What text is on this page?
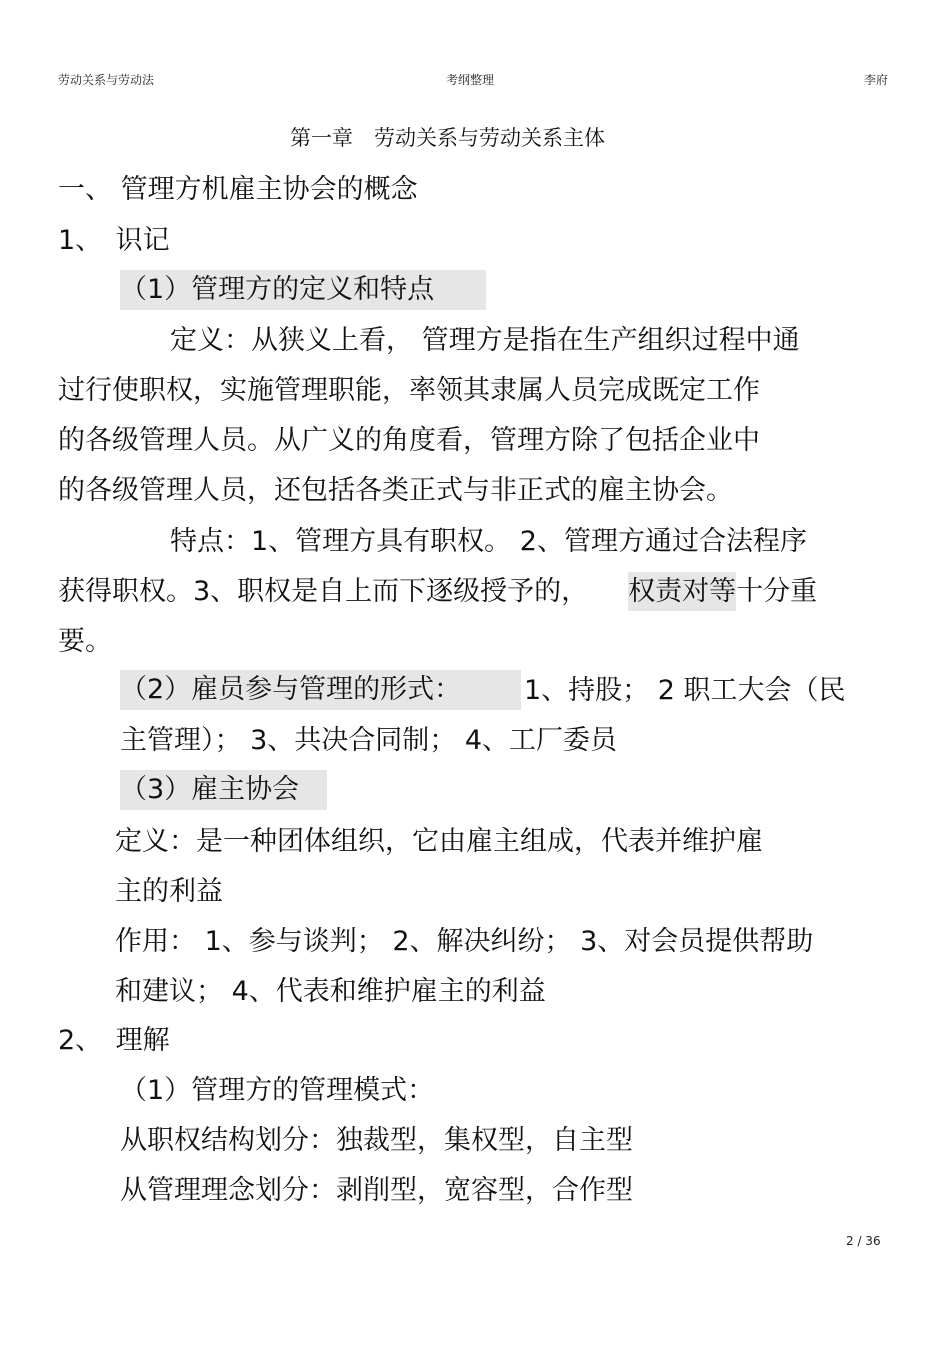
劳动关系与劳动法	考纲整理	李府
第一章　劳动关系与劳动关系主体
一、 管理方机雇主协会的概念
1、　识记
（1）管理方的定义和特点
定义：从狭义上看， 管理方是指在生产组织过程中通
过行使职权，实施管理职能，率领其隶属人员完成既定工作
的各级管理人员。从广义的角度看，管理方除了包括企业中
的各级管理人员，还包括各类正式与非正式的雇主协会。
特点：1、管理方具有职权。 2、管理方通过合法程序
获得职权。3、职权是自上而下逐级授予的， 权责对等十分重
要。
（2）雇员参与管理的形式：	1、持股； 2 职工大会（民
主管理）； 3、共决合同制； 4、工厂委员
（3）雇主协会
定义：是一种团体组织，它由雇主组成，代表并维护雇
主的利益
作用： 1、参与谈判； 2、解决纠纷； 3、对会员提供帮助
和建议； 4、代表和维护雇主的利益
2、　理解
（1）管理方的管理模式：
从职权结构划分：独裁型，集权型，自主型
从管理理念划分：剥削型，宽容型，合作型
2 / 36
